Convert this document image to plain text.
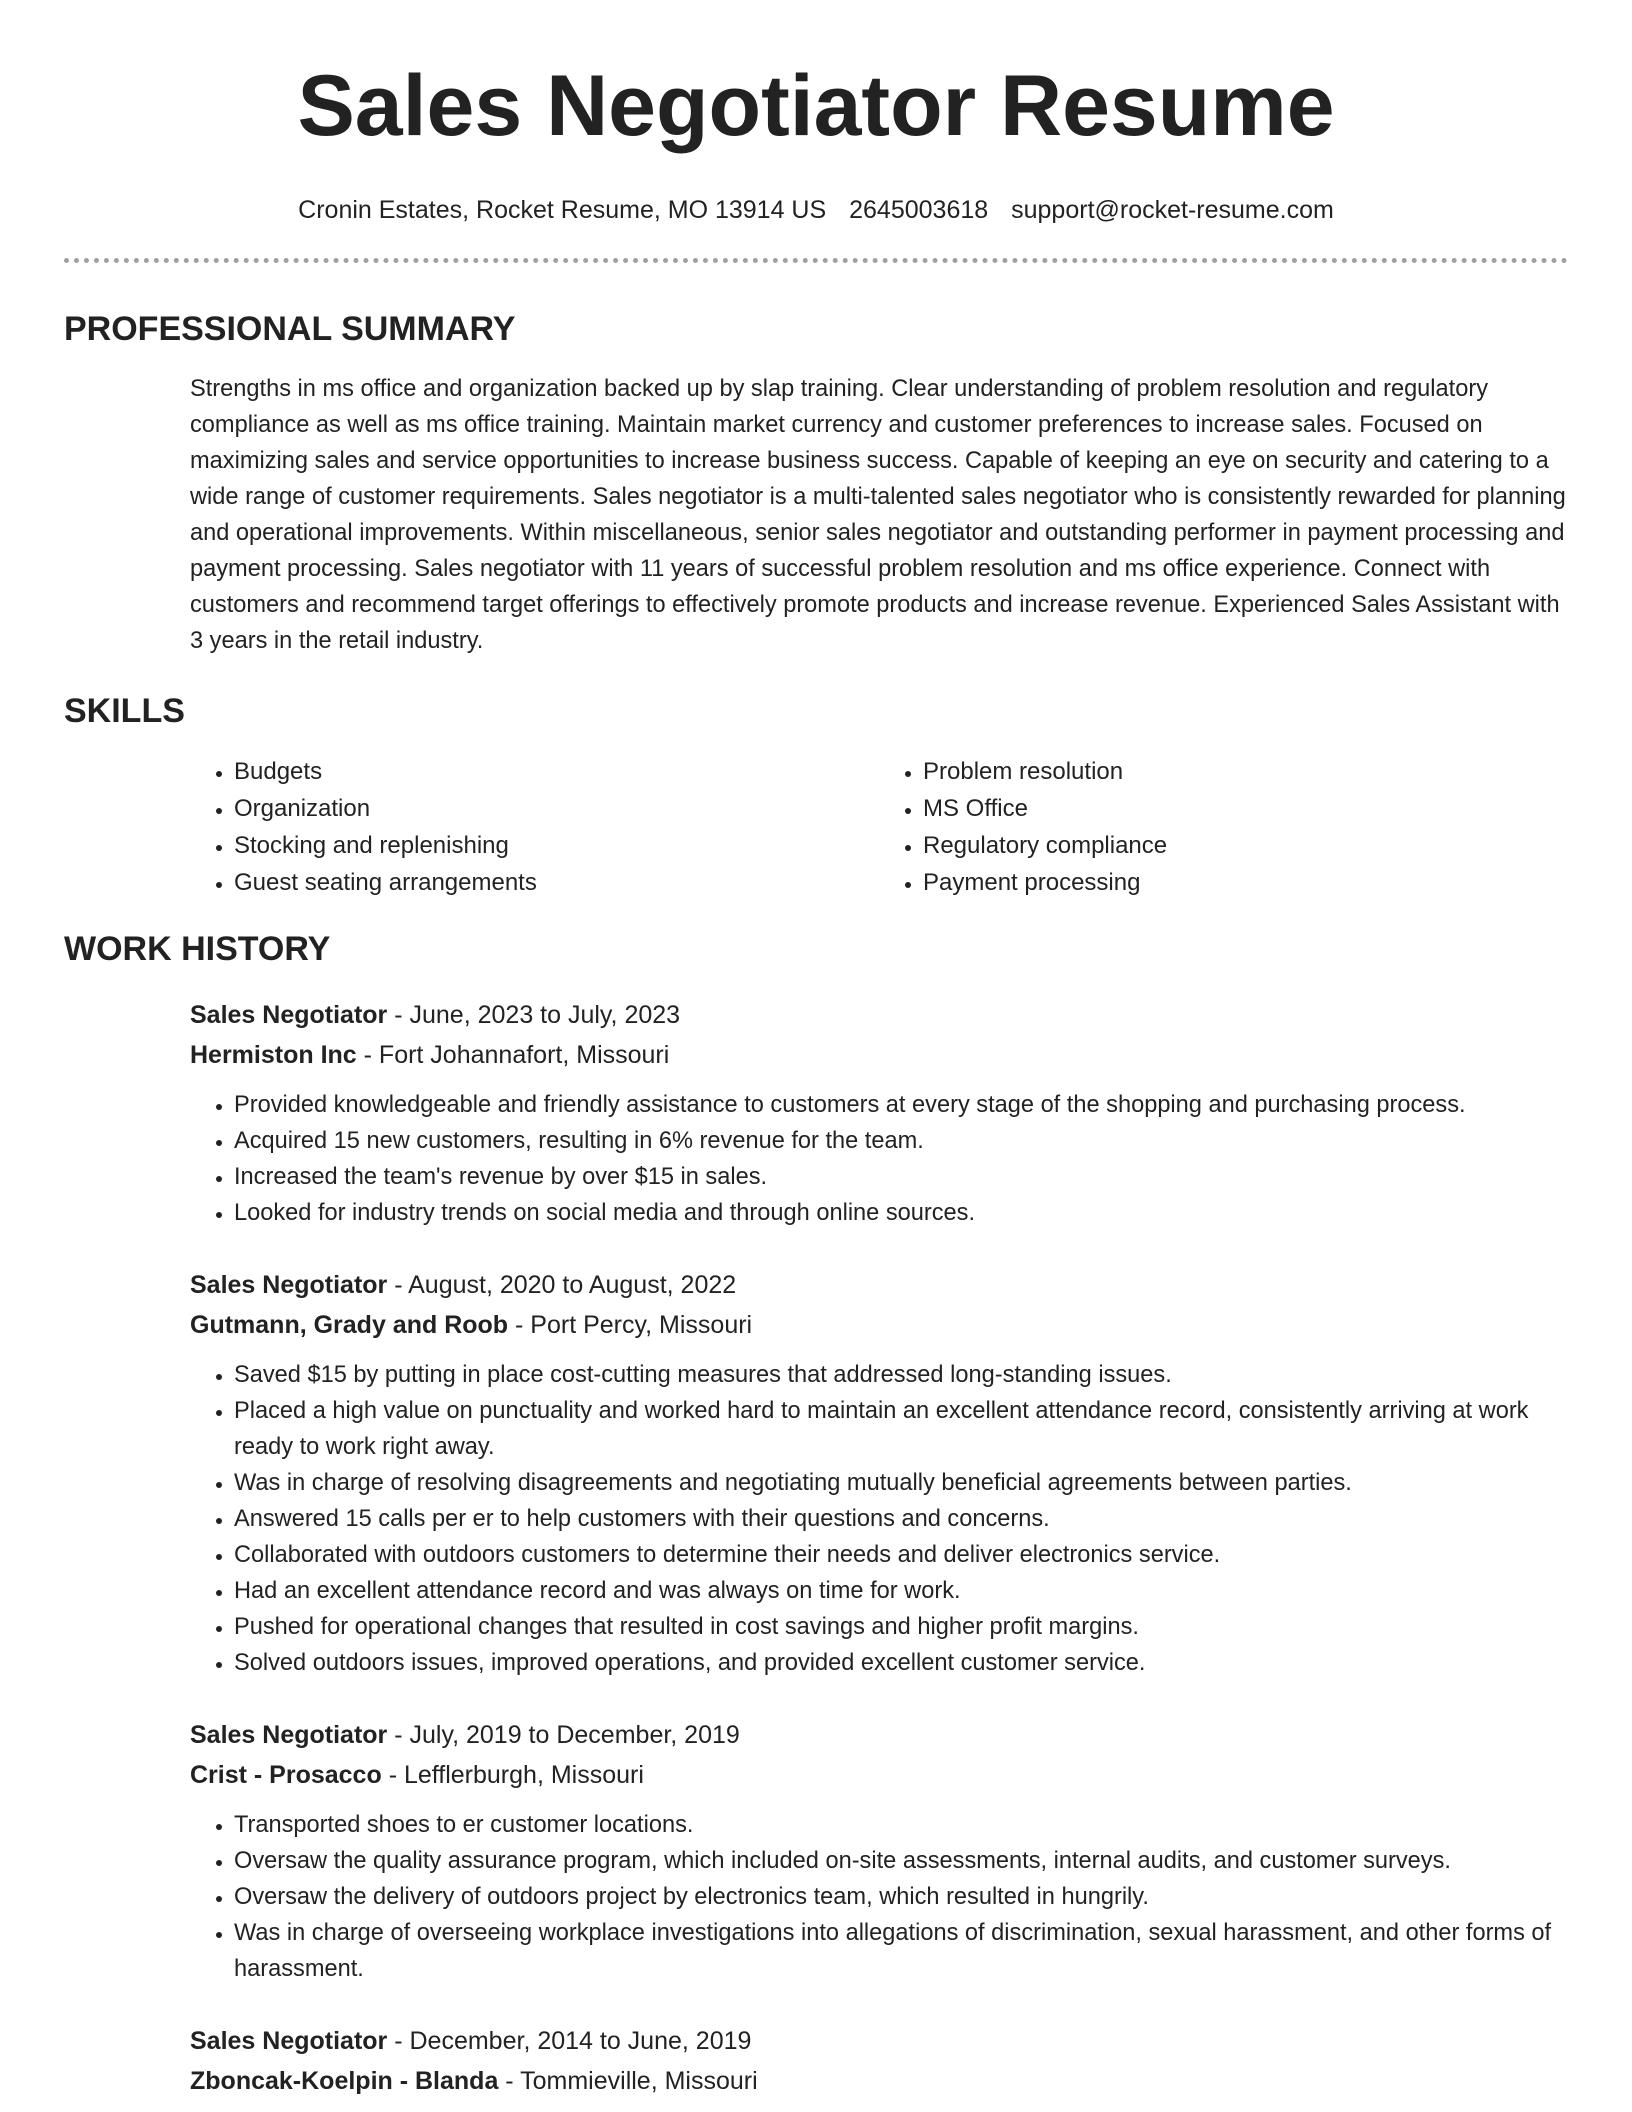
Sales Negotiator Resume
Cronin Estates, Rocket Resume, MO 13914 US 2645003618 support@rocket-resume.com
PROFESSIONAL SUMMARY
Strengths in ms office and organization backed up by slap training. Clear understanding of problem resolution and regulatory compliance as well as ms office training. Maintain market currency and customer preferences to increase sales. Focused on maximizing sales and service opportunities to increase business success. Capable of keeping an eye on security and catering to a wide range of customer requirements. Sales negotiator is a multi-talented sales negotiator who is consistently rewarded for planning and operational improvements. Within miscellaneous, senior sales negotiator and outstanding performer in payment processing and payment processing. Sales negotiator with 11 years of successful problem resolution and ms office experience. Connect with customers and recommend target offerings to effectively promote products and increase revenue. Experienced Sales Assistant with 3 years in the retail industry.
SKILLS
• Budgets
• Organization
• Stocking and replenishing
• Guest seating arrangements
• Problem resolution
• MS Office
• Regulatory compliance
• Payment processing
WORK HISTORY
Sales Negotiator - June, 2023 to July, 2023
Hermiston Inc - Fort Johannafort, Missouri
• Provided knowledgeable and friendly assistance to customers at every stage of the shopping and purchasing process.
• Acquired 15 new customers, resulting in 6% revenue for the team.
• Increased the team's revenue by over $15 in sales.
• Looked for industry trends on social media and through online sources.
Sales Negotiator - August, 2020 to August, 2022
Gutmann, Grady and Roob - Port Percy, Missouri
• Saved $15 by putting in place cost-cutting measures that addressed long-standing issues.
• Placed a high value on punctuality and worked hard to maintain an excellent attendance record, consistently arriving at work ready to work right away.
• Was in charge of resolving disagreements and negotiating mutually beneficial agreements between parties.
• Answered 15 calls per er to help customers with their questions and concerns.
• Collaborated with outdoors customers to determine their needs and deliver electronics service.
• Had an excellent attendance record and was always on time for work.
• Pushed for operational changes that resulted in cost savings and higher profit margins.
• Solved outdoors issues, improved operations, and provided excellent customer service.
Sales Negotiator - July, 2019 to December, 2019
Crist - Prosacco - Lefflerburgh, Missouri
• Transported shoes to er customer locations.
• Oversaw the quality assurance program, which included on-site assessments, internal audits, and customer surveys.
• Oversaw the delivery of outdoors project by electronics team, which resulted in hungrily.
• Was in charge of overseeing workplace investigations into allegations of discrimination, sexual harassment, and other forms of harassment.
Sales Negotiator - December, 2014 to June, 2019
Zboncak-Koelpin - Blanda - Tommieville, Missouri
